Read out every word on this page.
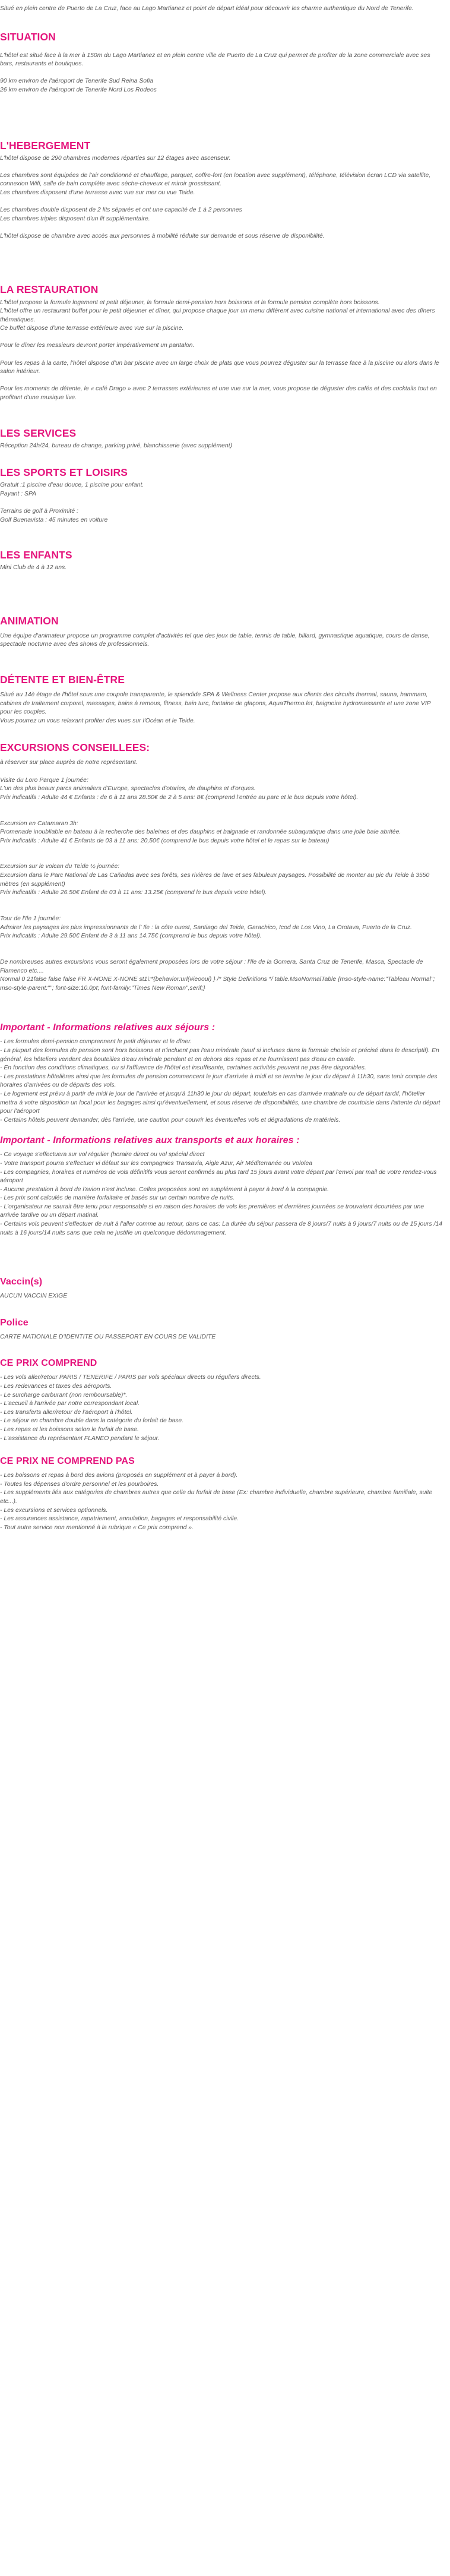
Situé en plein centre de Puerto de La Cruz, face au Lago Martianez et point de départ idéal pour découvrir les charme authentique du Nord de Tenerife.

SITUATION

L'hôtel est situé face à la mer à 150m du Lago Martianez et en plein centre ville de Puerto de La Cruz qui permet de profiter de la zone commerciale avec ses bars, restaurants et boutiques.

90 km environ de l'aéroport de Tenerife Sud Reina Sofia
26 km environ de l'aéroport de Tenerife Nord Los Rodeos

L'HEBERGEMENT

L'hôtel dispose de 290 chambres modernes réparties sur 12 étages avec ascenseur.

Les chambres sont équipées de l'air conditionné et chauffage, parquet, coffre-fort (en location avec supplément), téléphone, télévision écran LCD via satellite, connexion Wifi, salle de bain complète avec sèche-cheveux et miroir grossissant.
Les chambres disposent d'une terrasse avec vue sur mer ou vue Teide.

Les chambres double disposent de 2 lits séparés et ont une capacité de 1 à 2 personnes
Les chambres triples disposent d'un lit supplémentaire.

L'hôtel dispose de chambre avec accès aux personnes à mobilité réduite sur demande et sous réserve de disponibilité.

LA RESTAURATION

L'hôtel propose la formule logement et petit déjeuner, la formule demi-pension hors boissons et la formule pension complète hors boissons.
L'hôtel offre un restaurant buffet pour le petit déjeuner et dîner, qui propose chaque jour un menu différent avec cuisine national et international avec des dîners thématiques.
Ce buffet dispose d'une terrasse extérieure avec vue sur la piscine.

Pour le dîner les messieurs devront porter impérativement un pantalon.

Pour les repas à la carte, l'hôtel dispose d'un bar piscine avec un large choix de plats que vous pourrez déguster sur la terrasse face à la piscine ou alors dans le salon intérieur.

Pour les moments de détente, le « café Drago » avec 2 terrasses extérieures et une vue sur la mer, vous propose de déguster des cafés et des cocktails tout en profitant d'une musique live.

LES SERVICES

Réception 24h/24, bureau de change, parking privé, blanchisserie (avec supplément)

LES SPORTS ET LOISIRS

Gratuit :1 piscine d'eau douce, 1 piscine pour enfant.
Payant : SPA

Terrains de golf à Proximité :
Golf Buenavista : 45 minutes en voiture

LES ENFANTS

Mini Club de 4 à 12 ans.

ANIMATION

Une équipe d'animateur propose un programme complet d'activités tel que des jeux de table, tennis de table, billard, gymnastique aquatique, cours de danse, spectacle nocturne avec des shows de professionnels.

DÉTENTE ET BIEN-ÊTRE

Situé au 14è étage de l'hôtel sous une coupole transparente, le splendide SPA & Wellness Center propose aux clients des circuits thermal, sauna, hammam, cabines de traitement corporel, massages, bains à remous, fitness, bain turc, fontaine de glaçons, AquaThermo.let, baignoire hydromassante et une zone VIP pour les couples.
Vous pourrez un vous relaxant profiter des vues sur l'Océan et le Teide.

EXCURSIONS CONSEILLEES:

à réserver sur place auprès de notre représentant.

Visite du Loro Parque 1 journée:
L'un des plus beaux parcs animaliers d'Europe, spectacles d'otaries, de dauphins et d'orques.
Prix indicatifs : Adulte 44 € Enfants : de 6 à 11 ans 28.50€ de 2 à 5 ans: 8€ (comprend l'entrée au parc et le bus depuis votre hôtel).

Excursion en Catamaran 3h:
Promenade inoubliable en bateau à la recherche des baleines et des dauphins et baignade et randonnée subaquatique dans une jolie baie abritée.
Prix indicatifs : Adulte 41 € Enfants de 03 à 11 ans: 20,50€ (comprend le bus depuis votre hôtel et le repas sur le bateau)

Excursion sur le volcan du Teide ½ journée:
Excursion dans le Parc National de Las Cañadas avec ses forêts, ses rivières de lave et ses fabuleux paysages. Possibilité de monter au pic du Teide à 3550 mètres (en supplément)
Prix indicatifs : Adulte 26.50€ Enfant de 03 à 11 ans: 13.25€ (comprend le bus depuis votre hôtel).

Tour de l'Ile 1 journée:
Admirer les paysages les plus impressionnants de l' Ile : la côte ouest, Santiago del Teide, Garachico, Icod de Los Vino, La Orotava, Puerto de la Cruz.
Prix indicatifs : Adulte 29.50€ Enfant de 3 à 11 ans 14.75€ (comprend le bus depuis votre hôtel).

De nombreuses autres excursions vous seront également proposées lors de votre séjour : l'Ile de la Gomera, Santa Cruz de Tenerife, Masca, Spectacle de Flamenco etc....
Normal 0 21false false false FR X-NONE X-NONE st1\:*{behavior:url(#ieooui) } /* Style Definitions */ table.MsoNormalTable {mso-style-name:"Tableau Normal"; mso-style-parent:""; font-size:10.0pt; font-family:"Times New Roman",serif;}

Important - Informations relatives aux séjours :

- Les formules demi-pension comprennent le petit déjeuner et le dîner.
- La plupart des formules de pension sont hors boissons et n'incluent pas l'eau minérale (sauf si incluses dans la formule choisie et précisé dans le descriptif). En général, les hôteliers vendent des bouteilles d'eau minérale pendant et en dehors des repas et ne fournissent pas d'eau en carafe.
- En fonction des conditions climatiques, ou si l'affluence de l'hôtel est insuffisante, certaines activités peuvent ne pas être disponibles.
- Les prestations hôtelières ainsi que les formules de pension commencent le jour d'arrivée à midi et se termine le jour du départ à 11h30, sans tenir compte des horaires d'arrivées ou de départs des vols.
- Le logement est prévu à partir de midi le jour de l'arrivée et jusqu'à 11h30 le jour du départ, toutefois en cas d'arrivée matinale ou de départ tardif, l'hôtelier mettra à votre disposition un local pour les bagages ainsi qu'éventuellement, et sous réserve de disponibilités, une chambre de courtoisie dans l'attente du départ pour l'aéroport
- Certains hôtels peuvent demander, dès l'arrivée, une caution pour couvrir les éventuelles vols et dégradations de matériels.

Important - Informations relatives aux transports et aux horaires :

- Ce voyage s'effectuera sur vol régulier (horaire direct ou vol spécial direct
- Votre transport pourra s'effectuer vi défaut sur les compagnies Transavia, Aigle Azur, Air Méditerranée ou Vololea
- Les compagnies, horaires et numéros de vols définitifs vous seront confirmés au plus tard 15 jours avant votre départ par l'envoi par mail de votre rendez-vous aéroport
- Aucune prestation à bord de l'avion n'est incluse. Celles proposées sont en supplément à payer à bord à la compagnie.
- Les prix sont calculés de manière forfaitaire et basés sur un certain nombre de nuits.
- L'organisateur ne saurait être tenu pour responsable si en raison des horaires de vols les premières et dernières journées se trouvaient écourtées par une arrivée tardive ou un départ matinal.
- Certains vols peuvent s'effectuer de nuit à l'aller comme au retour, dans ce cas: La durée du séjour passera de 8 jours/7 nuits à 9 jours/7 nuits ou de 15 jours /14 nuits à 16 jours/14 nuits sans que cela ne justifie un quelconque dédommagement.

Vaccin(s)

AUCUN VACCIN EXIGE

Police

CARTE NATIONALE D'IDENTITE OU PASSEPORT EN COURS DE VALIDITE

CE PRIX COMPREND

- Les vols aller/retour PARIS / TENERIFE / PARIS par vols spéciaux directs ou réguliers directs.
- Les redevances et taxes des aéroports.
- Le surcharge carburant (non remboursable)*.
- L'accueil à l'arrivée par notre correspondant local.
- Les transferts aller/retour de l'aéroport à l'hôtel.
- Le séjour en chambre double dans la catégorie du forfait de base.
- Les repas et les boissons selon le forfait de base.
- L'assistance du représentant FLANEO pendant le séjour.

CE PRIX NE COMPREND PAS

- Les boissons et repas à bord des avions (proposés en supplément et à payer à bord).
- Toutes les dépenses d'ordre personnel et les pourboires.
- Les suppléments liés aux catégories de chambres autres que celle du forfait de base (Ex: chambre individuelle, chambre supérieure, chambre familiale, suite etc...).
- Les excursions et services optionnels.
- Les assurances assistance, rapatriement, annulation, bagages et responsabilité civile.
- Tout autre service non mentionné à la rubrique « Ce prix comprend ».
